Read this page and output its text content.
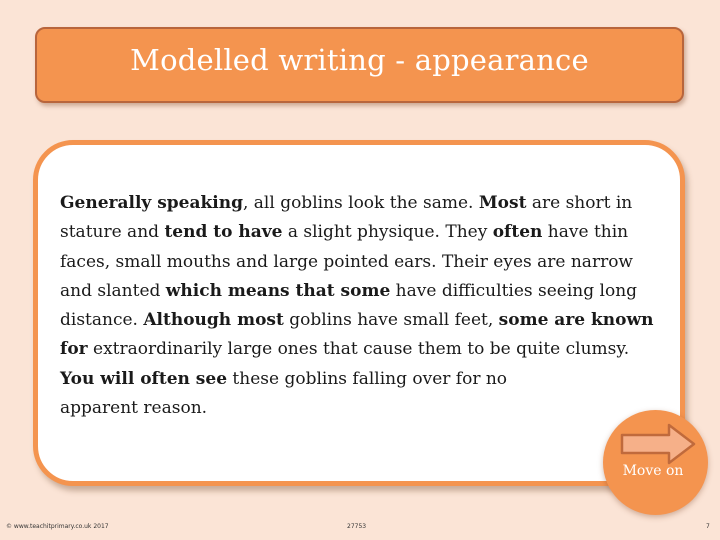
Modelled writing - appearance
Generally speaking, all goblins look the same. Most are short in stature and tend to have a slight physique. They often have thin faces, small mouths and large pointed ears. Their eyes are narrow and slanted which means that some have difficulties seeing long distance. Although most goblins have small feet, some are known for extraordinarily large ones that cause them to be quite clumsy. You will often see these goblins falling over for no
apparent reason.
Move on
© www.teachitprimary.co.uk 2017	27753	7
